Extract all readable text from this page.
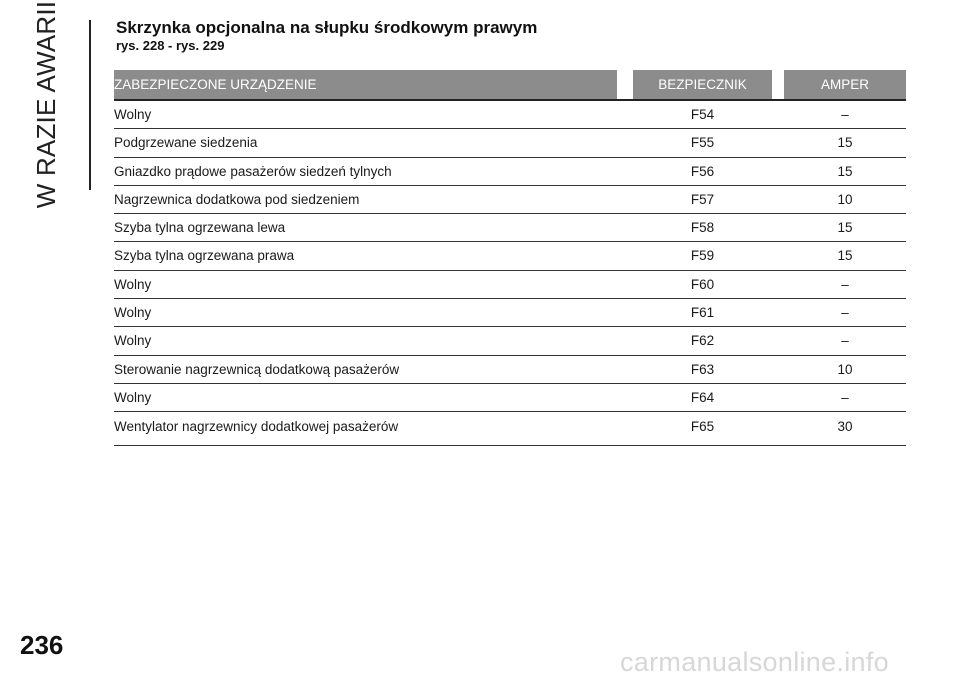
W RAZIE AWARII	Skrzynka opcjonalna na słupku środkowym prawym
rys. 228 - rys. 229
ZABEZPIECZONE URZĄDZENIE	BEZPIECZNIK	AMPER
Wolny	F54	–
Podgrzewane siedzenia	F55	15
Gniazdko prądowe pasażerów siedzeń tylnych	F56	15
Nagrzewnica dodatkowa pod siedzeniem	F57	10
Szyba tylna ogrzewana lewa	F58	15
Szyba tylna ogrzewana prawa	F59	15
Wolny	F60	–
Wolny	F61	–
Wolny	F62	–
Sterowanie nagrzewnicą dodatkową pasażerów	F63	10
Wolny	F64	–
Wentylator nagrzewnicy dodatkowej pasażerów	F65	30
236
carmanualsonline.info
